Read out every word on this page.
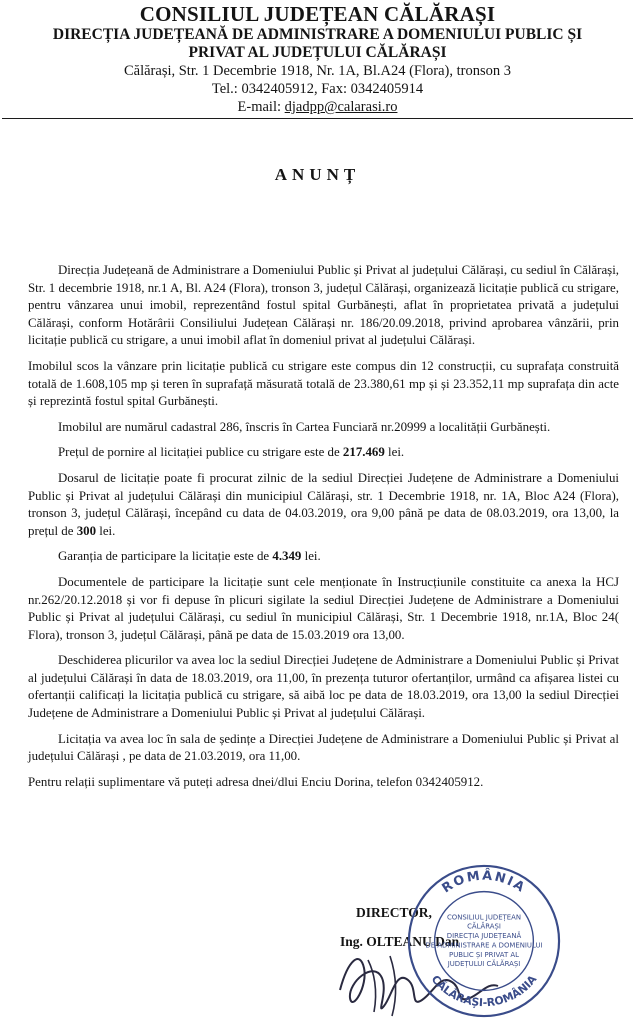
CONSILIUL JUDEȚEAN CĂLĂRAȘI
DIRECȚIA JUDEȚEANĂ DE ADMINISTRARE A DOMENIULUI PUBLIC ȘI
PRIVAT AL JUDEȚULUI CĂLĂRAȘI
Călărași, Str. 1 Decembrie 1918, Nr. 1A, Bl.A24 (Flora), tronson 3
Tel.: 0342405912, Fax: 0342405914
E-mail: djadpp@calarasi.ro
ANUNȚ
Direcția Județeană de Administrare a Domeniului Public și Privat al județului Călărași, cu sediul în Călărași, Str. 1 decembrie 1918, nr.1 A, Bl. A24 (Flora), tronson 3, județul Călărași, organizează licitație publică cu strigare, pentru vânzarea unui imobil, reprezentând fostul spital Gurbănești, aflat în proprietatea privată a județului Călărași, conform Hotărârii Consiliului Județean Călărași nr. 186/20.09.2018, privind aprobarea vânzării, prin licitație publică cu strigare, a unui imobil aflat în domeniul privat al județului Călărași.
Imobilul scos la vânzare prin licitație publică cu strigare este compus din 12 construcții, cu suprafața construită totală de 1.608,105 mp și teren în suprafață măsurată totală de 23.380,61 mp și și 23.352,11 mp suprafața din acte și reprezintă fostul spital Gurbănești.
Imobilul are numărul cadastral 286, înscris în Cartea Funciară nr.20999 a localității Gurbănești.
Prețul de pornire al licitației publice cu strigare este de 217.469 lei.
Dosarul de licitație poate fi procurat zilnic de la sediul Direcției Județene de Administrare a Domeniului Public și Privat al județului Călărași din municipiul Călărași, str. 1 Decembrie 1918, nr. 1A, Bloc A24 (Flora), tronson 3, județul Călărași, începând cu data de 04.03.2019, ora 9,00 până pe data de 08.03.2019, ora 13,00, la prețul de 300 lei.
Garanția de participare la licitație este de 4.349 lei.
Documentele de participare la licitație sunt cele menționate în Instrucțiunile constituite ca anexa la HCJ nr.262/20.12.2018 și vor fi depuse în plicuri sigilate la sediul Direcției Județene de Administrare a Domeniului Public și Privat al județului Călărași, cu sediul în municipiul Călărași, Str. 1 Decembrie 1918, nr.1A, Bloc 24( Flora), tronson 3, județul Călărași, până pe data de 15.03.2019 ora 13,00.
Deschiderea plicurilor va avea loc la sediul Direcției Județene de Administrare a Domeniului Public și Privat al județului Călărași în data de 18.03.2019, ora 11,00, în prezența tuturor ofertanților, urmând ca afișarea listei cu ofertanții calificați la licitația publică cu strigare, să aibă loc pe data de 18.03.2019, ora 13,00 la sediul Direcției Județene de Administrare a Domeniului Public și Privat al județului Călărași.
Licitația va avea loc în sala de ședințe a Direcției Județene de Administrare a Domeniului Public și Privat al județului Călărași , pe data de 21.03.2019, ora 11,00.
Pentru relații suplimentare vă puteți adresa dnei/dlui Enciu Dorina, telefon 0342405912.
DIRECTOR,
Ing. OLTEANU Dan
ROMÂNIA
CĂLĂRAȘI-ROMÂNIA
CONSILIUL JUDEȚEAN
CĂLĂRAȘI
DIRECȚIA JUDEȚEANĂ
DE ADMINISTRARE A DOMENIULUI
PUBLIC ȘI PRIVAT AL
JUDEȚULUI CĂLĂRAȘI
